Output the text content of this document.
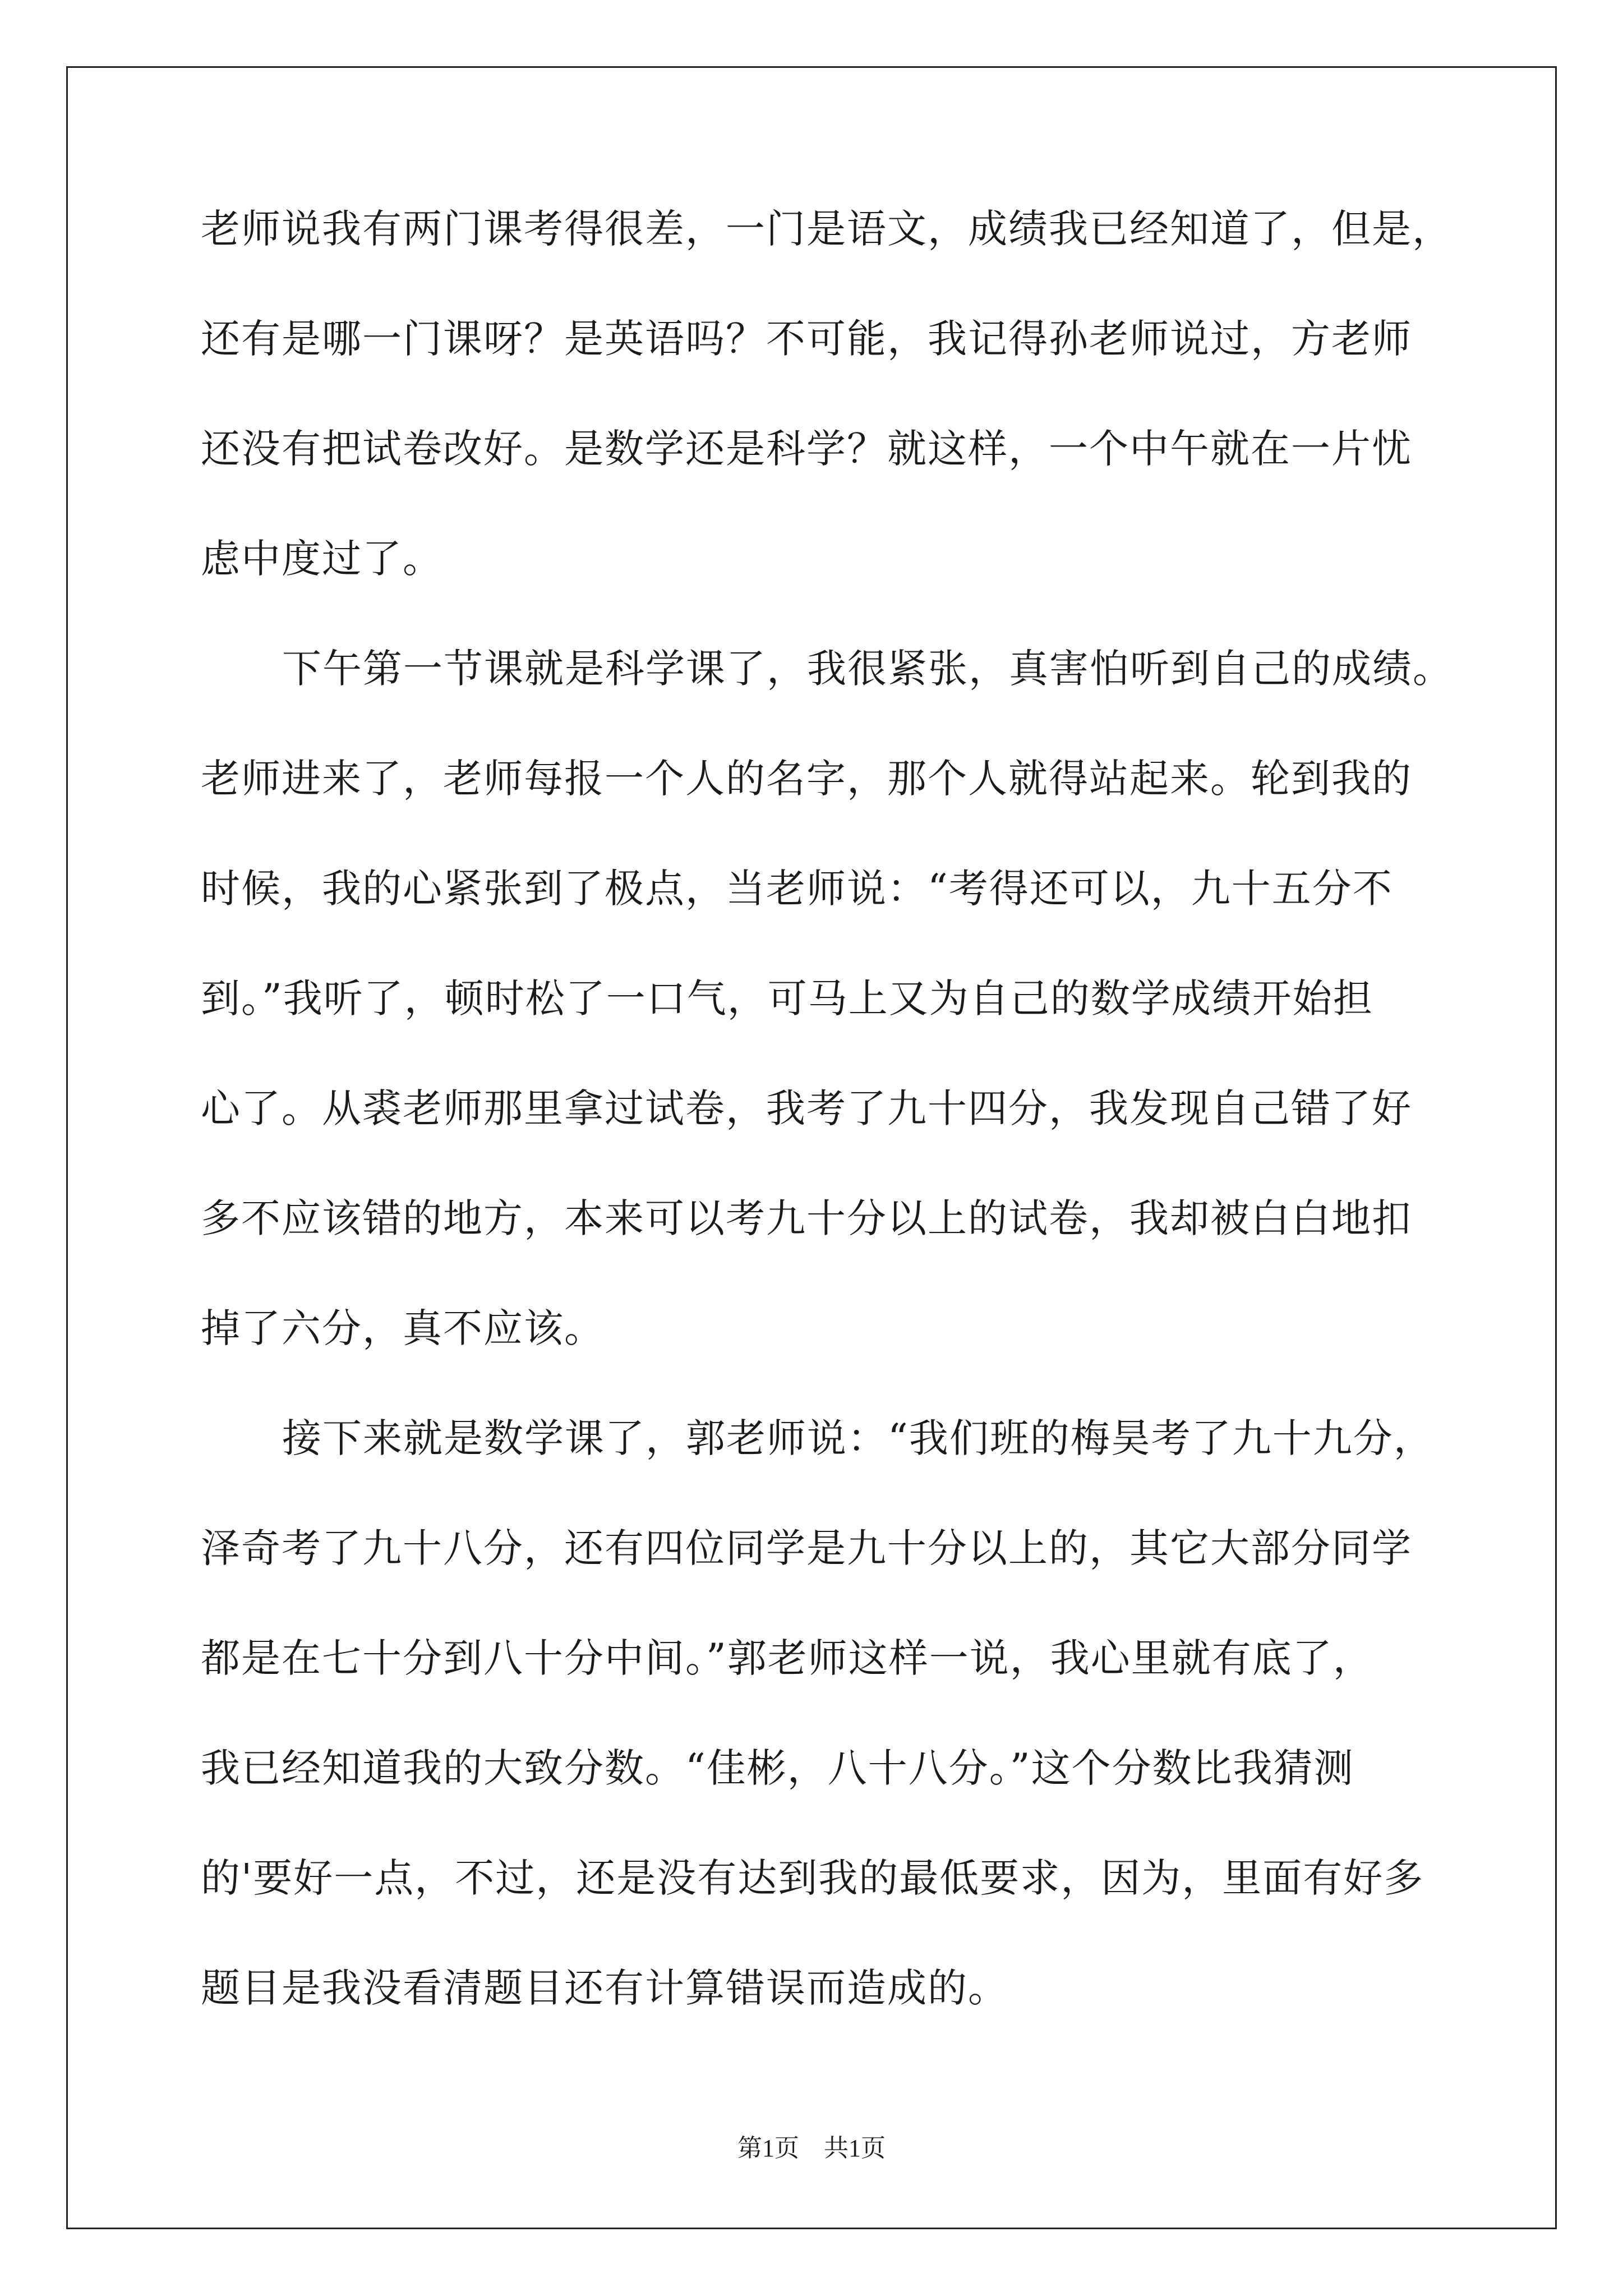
老师说我有两门课考得很差，一门是语文，成绩我已经知道了，但是，
还有是哪一门课呀？是英语吗？不可能，我记得孙老师说过，方老师
还没有把试卷改好。是数学还是科学？就这样，一个中午就在一片忧
虑中度过了。
下午第一节课就是科学课了，我很紧张，真害怕听到自己的成绩。
老师进来了，老师每报一个人的名字，那个人就得站起来。轮到我的
时候，我的心紧张到了极点，当老师说：“考得还可以，九十五分不
到。”我听了，顿时松了一口气，可马上又为自己的数学成绩开始担
心了。从裘老师那里拿过试卷，我考了九十四分，我发现自己错了好
多不应该错的地方，本来可以考九十分以上的试卷，我却被白白地扣
掉了六分，真不应该。
接下来就是数学课了，郭老师说：“我们班的梅昊考了九十九分，
泽奇考了九十八分，还有四位同学是九十分以上的，其它大部分同学
都是在七十分到八十分中间。”郭老师这样一说，我心里就有底了，
我已经知道我的大致分数。“佳彬，八十八分。”这个分数比我猜测
的'要好一点，不过，还是没有达到我的最低要求，因为，里面有好多
题目是我没看清题目还有计算错误而造成的。
第1页　共1页
